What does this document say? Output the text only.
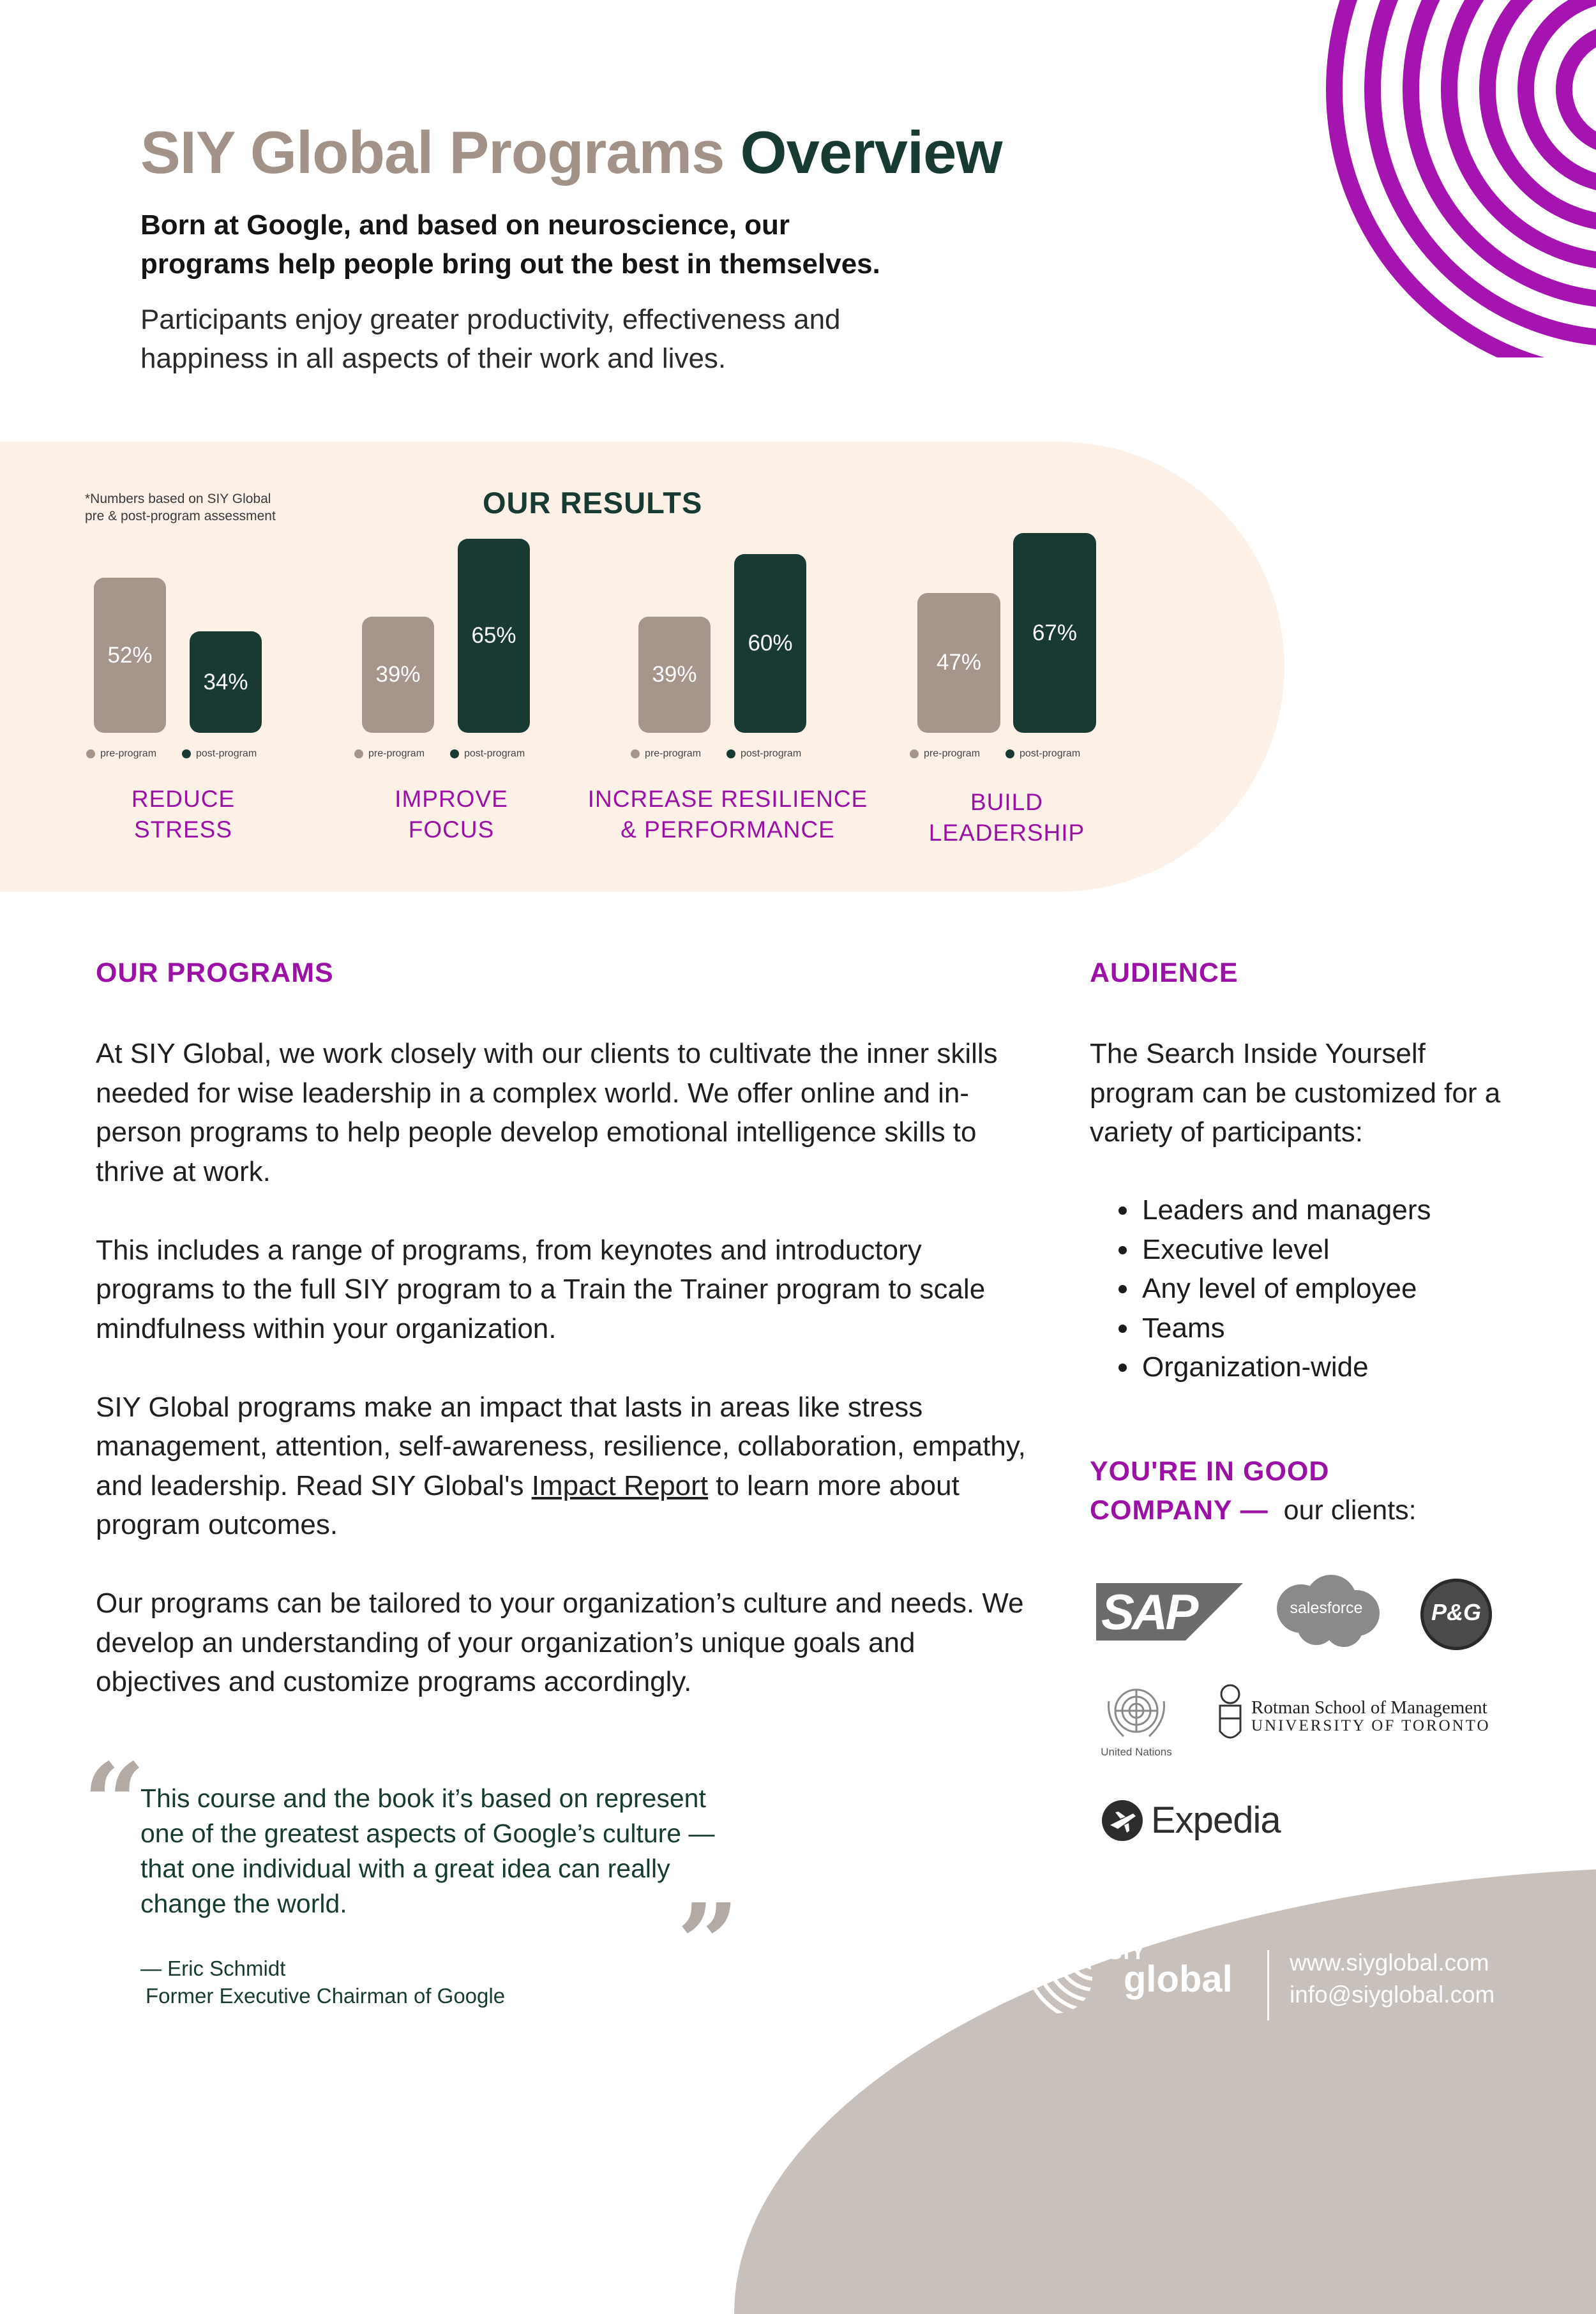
SIY Global Programs Overview
Born at Google, and based on neuroscience, our
programs help people bring out the best in themselves.
Participants enjoy greater productivity, effectiveness and
happiness in all aspects of their work and lives.
*Numbers based on SIY Global
pre & post-program assessment	OUR RESULTS
52%
pre-program
34%
post-program
REDUCE
STRESS
39%
pre-program
65%
post-program
IMPROVE
FOCUS
39%
pre-program
60%
post-program
INCREASE RESILIENCE
& PERFORMANCE
47%
pre-program
67%
post-program
BUILD
LEADERSHIP
OUR PROGRAMS

At SIY Global, we work closely with our clients to cultivate the inner skills needed for wise leadership in a complex world. We offer online and in-person programs to help people develop emotional intelligence skills to thrive at work.

This includes a range of programs, from keynotes and introductory programs to the full SIY program to a Train the Trainer program to scale mindfulness within your organization.

SIY Global programs make an impact that lasts in areas like stress management, attention, self-awareness, resilience, collaboration, empathy, and leadership. Read SIY Global's Impact Report to learn more about program outcomes.

Our programs can be tailored to your organization’s culture and needs. We develop an understanding of your organization’s unique goals and objectives and customize programs accordingly.

AUDIENCE
The Search Inside Yourself program can be customized for a variety of participants:
• Leaders and managers
• Executive level
• Any level of employee
• Teams
• Organization-wide
YOU'RE IN GOOD
COMPANY — our clients:
SAP	salesforce	P&G
United Nations
Rotman School of Management
UNIVERSITY OF TORONTO
Expedia
“
This course and the book it’s based on represent one of the greatest aspects of Google’s culture — that one individual with a great idea can really change the world.	”
— Eric Schmidt
Former Executive Chairman of Google
SIY
global www.siyglobal.com
info@siyglobal.com
